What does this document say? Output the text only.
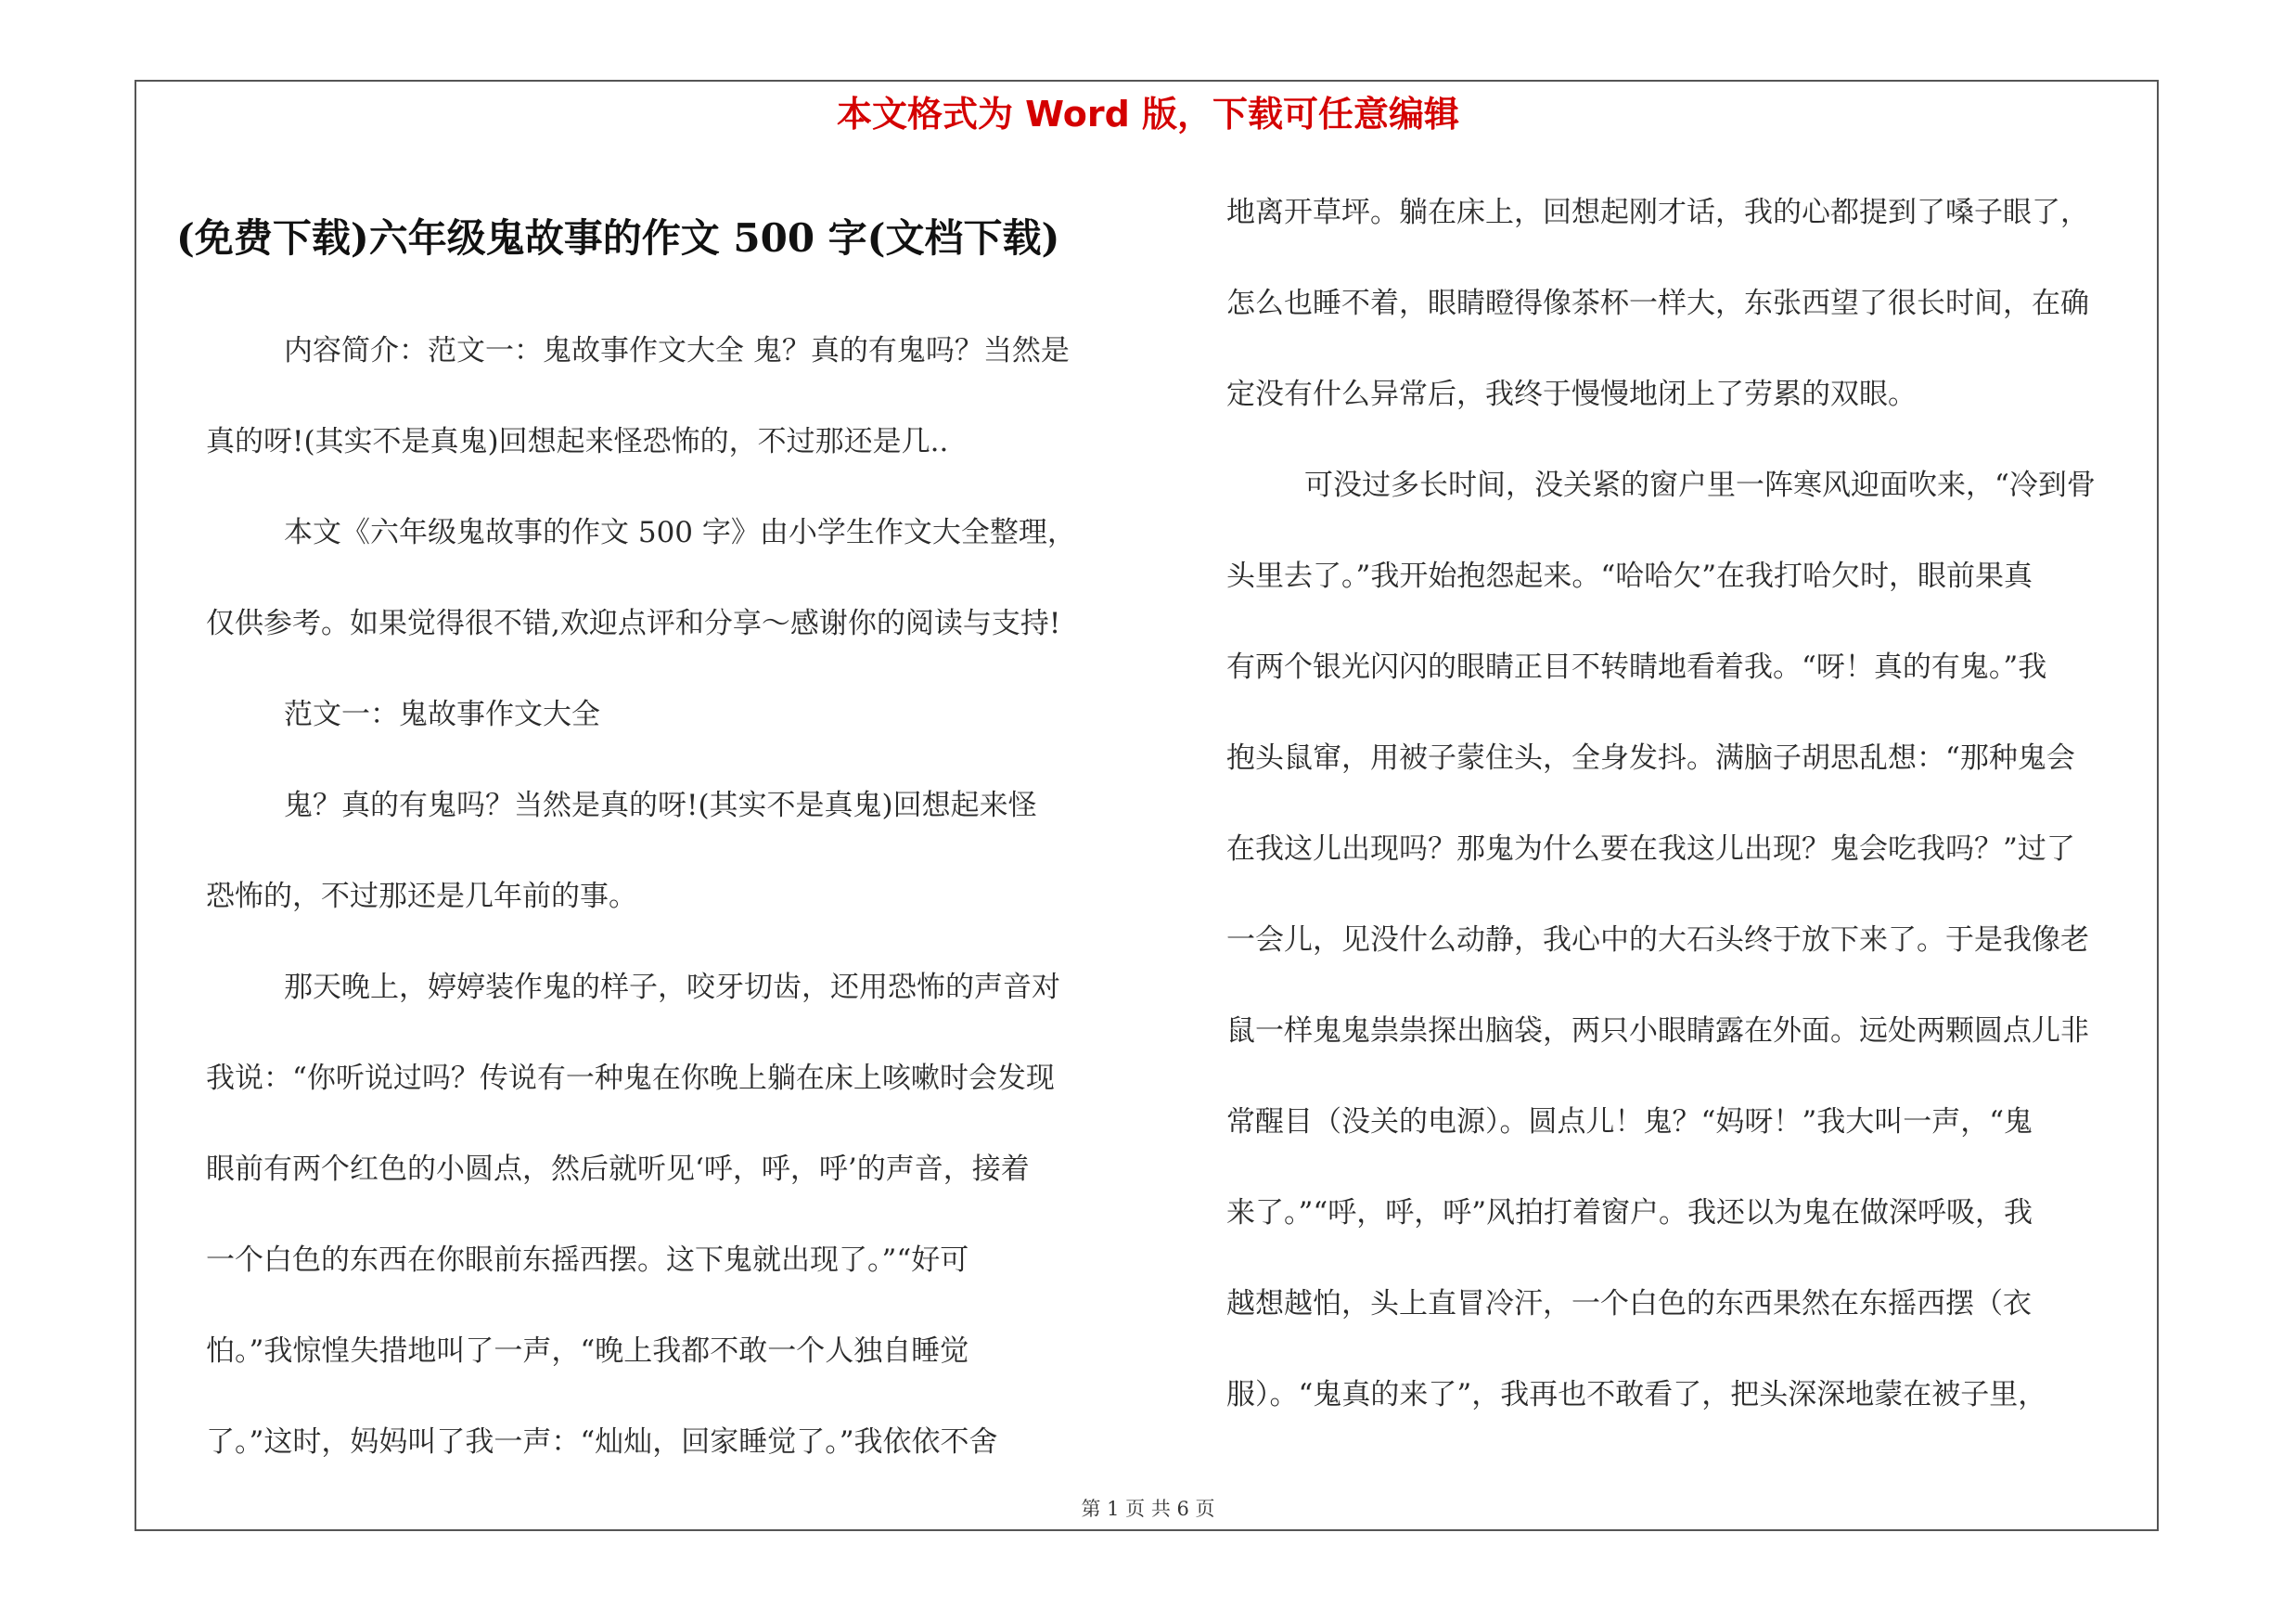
本文格式为 Word 版，下载可任意编辑
(免费下载)六年级鬼故事的作文 500 字(文档下载)
内容简介：范文一：鬼故事作文大全 鬼？真的有鬼吗？当然是
真的呀!(其实不是真鬼)回想起来怪恐怖的，不过那还是几..
本文《六年级鬼故事的作文 500 字》由小学生作文大全整理，
仅供参考。如果觉得很不错,欢迎点评和分享～感谢你的阅读与支持!
范文一：鬼故事作文大全
鬼？真的有鬼吗？当然是真的呀!(其实不是真鬼)回想起来怪
恐怖的，不过那还是几年前的事。
那天晚上，婷婷装作鬼的样子，咬牙切齿，还用恐怖的声音对
我说：“你听说过吗？传说有一种鬼在你晚上躺在床上咳嗽时会发现
眼前有两个红色的小圆点，然后就听见‘呼，呼，呼’的声音，接着
一个白色的东西在你眼前东摇西摆。这下鬼就出现了。”“好可
怕。”我惊惶失措地叫了一声，“晚上我都不敢一个人独自睡觉
了。”这时，妈妈叫了我一声：“灿灿，回家睡觉了。”我依依不舍
地离开草坪。躺在床上，回想起刚才话，我的心都提到了嗓子眼了，
怎么也睡不着，眼睛瞪得像茶杯一样大，东张西望了很长时间，在确
定没有什么异常后，我终于慢慢地闭上了劳累的双眼。
可没过多长时间，没关紧的窗户里一阵寒风迎面吹来，“冷到骨
头里去了。”我开始抱怨起来。“哈哈欠”在我打哈欠时，眼前果真
有两个银光闪闪的眼睛正目不转睛地看着我。“呀！真的有鬼。”我
抱头鼠窜，用被子蒙住头，全身发抖。满脑子胡思乱想：“那种鬼会
在我这儿出现吗？那鬼为什么要在我这儿出现？鬼会吃我吗？”过了
一会儿，见没什么动静，我心中的大石头终于放下来了。于是我像老
鼠一样鬼鬼祟祟探出脑袋，两只小眼睛露在外面。远处两颗圆点儿非
常醒目（没关的电源）。圆点儿！鬼？“妈呀！”我大叫一声，“鬼
来了。”“呼，呼，呼”风拍打着窗户。我还以为鬼在做深呼吸，我
越想越怕，头上直冒冷汗，一个白色的东西果然在东摇西摆（衣
服）。“鬼真的来了”，我再也不敢看了，把头深深地蒙在被子里，
第 1 页 共 6 页
